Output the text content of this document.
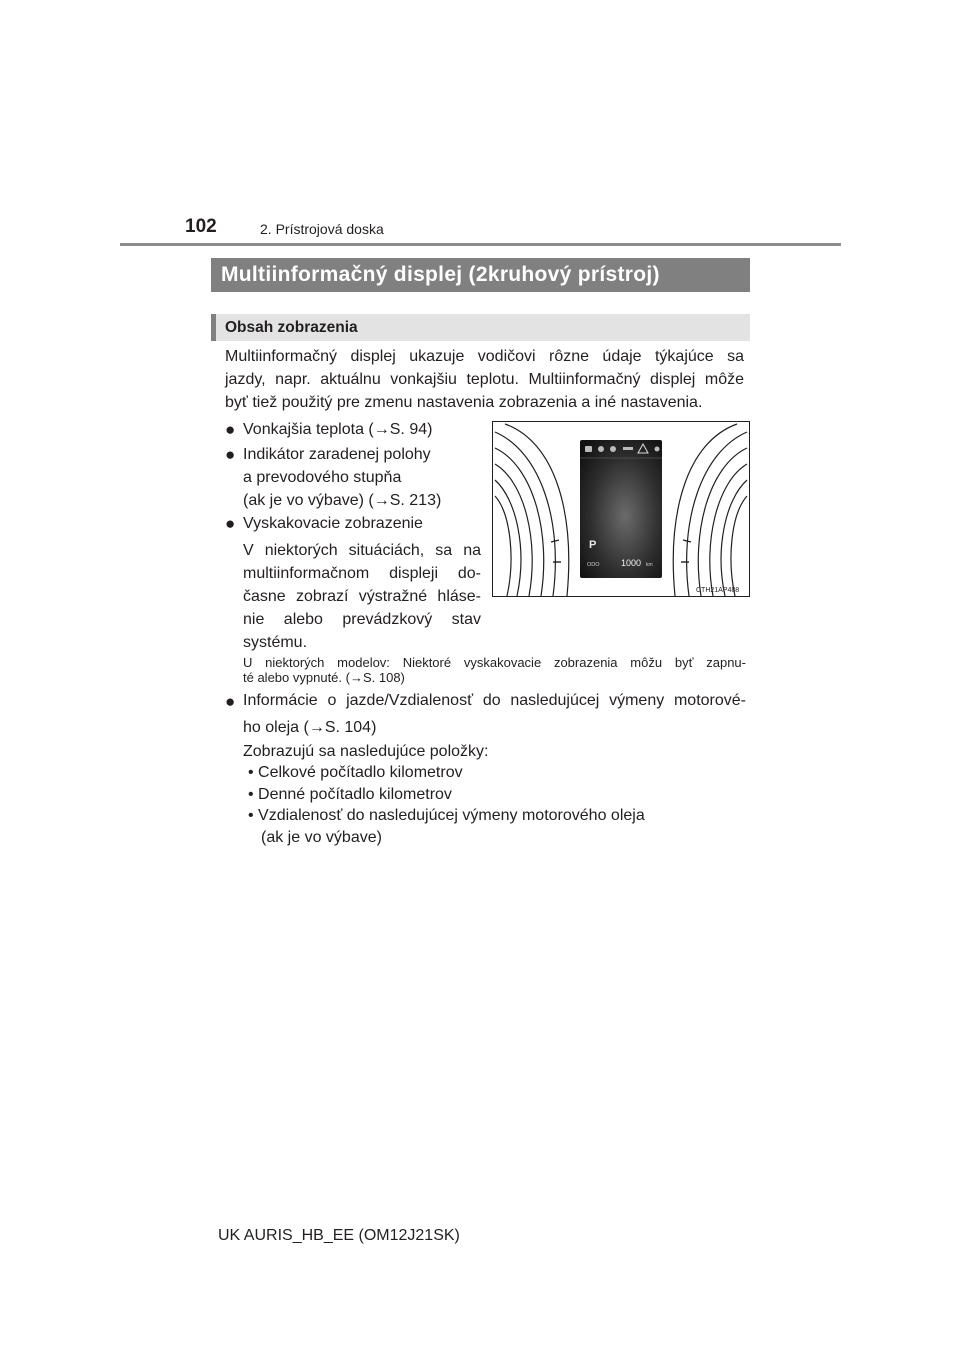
102	2. Prístrojová doska
Multiinformačný displej (2kruhový prístroj)
Obsah zobrazenia
Multiinformačný displej ukazuje vodičovi rôzne údaje týkajúce sa
jazdy, napr. aktuálnu vonkajšiu teplotu. Multiinformačný displej môže
byť tiež použitý pre zmenu nastavenia zobrazenia a iné nastavenia.
● Vonkajšia teplota (→S. 94)
● Indikátor zaradenej polohy
a prevodového stupňa
(ak je vo výbave) (→S. 213)
● Vyskakovacie zobrazenie
V niektorých situáciách, sa na
multiinformačnom displeji do-
časne zobrazí výstražné hláse-
nie alebo prevádzkový stav
systému.
U niektorých modelov: Niektoré vyskakovacie zobrazenia môžu byť zapnu-
té alebo vypnuté. (→S. 108)
● Informácie o jazde/Vzdialenosť do nasledujúcej výmeny motorové-
ho oleja (→S. 104)
Zobrazujú sa nasledujúce položky:
• Celkové počítadlo kilometrov
• Denné počítadlo kilometrov
• Vzdialenosť do nasledujúcej výmeny motorového oleja
(ak je vo výbave)
P
ODO 1000 km
CTH21AP488
UK AURIS_HB_EE (OM12J21SK)
